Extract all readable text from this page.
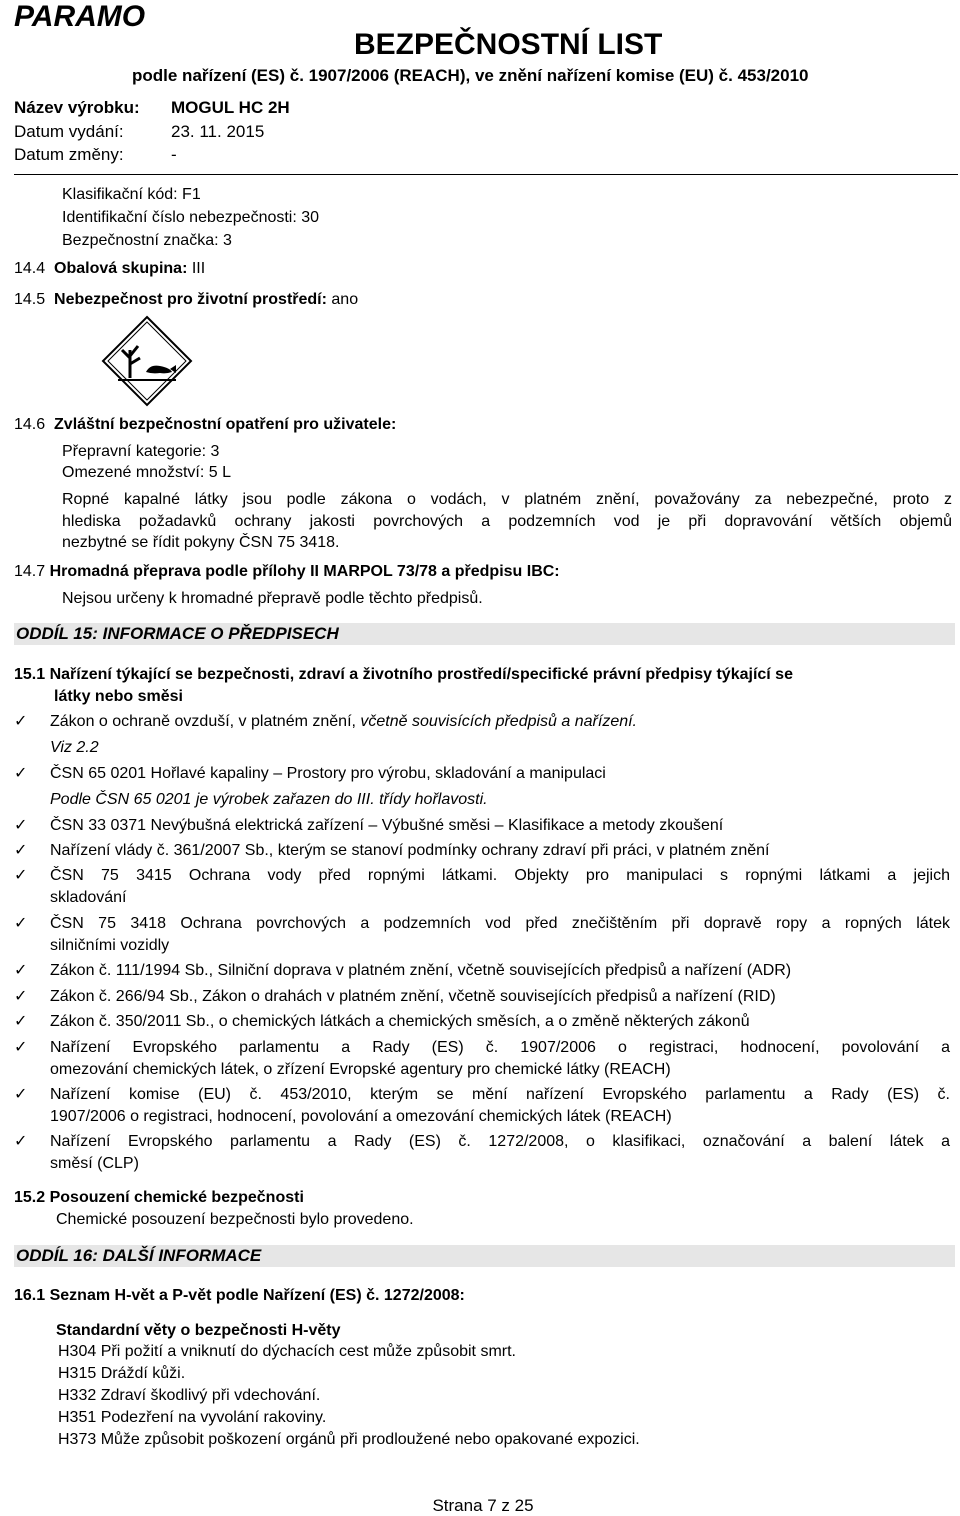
PARAMO
BEZPEČNOSTNÍ LIST
podle nařízení (ES) č. 1907/2006 (REACH), ve znění nařízení komise (EU) č. 453/2010
Název výrobku: MOGUL HC 2H
Datum vydání:	23. 11. 2015
Datum změny:	-
Klasifikační kód: F1
Identifikační číslo nebezpečnosti: 30
Bezpečnostní značka: 3
14.4 Obalová skupina: III
14.5 Nebezpečnost pro životní prostředí: ano
14.6 Zvláštní bezpečnostní opatření pro uživatele:
Přepravní kategorie: 3
Omezené množství: 5 L
Ropné kapalné látky jsou podle zákona o vodách, v platném znění, považovány za nebezpečné, proto z
hlediska požadavků ochrany jakosti povrchových a podzemních vod je při dopravování větších objemů
nezbytné se řídit pokyny ČSN 75 3418.
14.7 Hromadná přeprava podle přílohy II MARPOL 73/78 a předpisu IBC:
Nejsou určeny k hromadné přepravě podle těchto předpisů.
ODDÍL 15: INFORMACE O PŘEDPISECH
15.1 Nařízení týkající se bezpečnosti, zdraví a životního prostředí/specifické právní předpisy týkající se
látky nebo směsi
✓ Zákon o ochraně ovzduší, v platném znění, včetně souvisících předpisů a nařízení.
Viz 2.2
✓ ČSN 65 0201 Hořlavé kapaliny – Prostory pro výrobu, skladování a manipulaci
Podle ČSN 65 0201 je výrobek zařazen do III. třídy hořlavosti.
✓ ČSN 33 0371 Nevýbušná elektrická zařízení – Výbušné směsi – Klasifikace a metody zkoušení
✓ Nařízení vlády č. 361/2007 Sb., kterým se stanoví podmínky ochrany zdraví při práci, v platném znění
✓ ČSN 75 3415 Ochrana vody před ropnými látkami. Objekty pro manipulaci s ropnými látkami a jejich
skladování
✓ ČSN 75 3418 Ochrana povrchových a podzemních vod před znečištěním při dopravě ropy a ropných látek
silničními vozidly
✓ Zákon č. 111/1994 Sb., Silniční doprava v platném znění, včetně souvisejících předpisů a nařízení (ADR)
✓ Zákon č. 266/94 Sb., Zákon o drahách v platném znění, včetně souvisejících předpisů a nařízení (RID)
✓ Zákon č. 350/2011 Sb., o chemických látkách a chemických směsích, a o změně některých zákonů
✓ Nařízení Evropského parlamentu a Rady (ES) č. 1907/2006 o registraci, hodnocení, povolování a
omezování chemických látek, o zřízení Evropské agentury pro chemické látky (REACH)
✓ Nařízení komise (EU) č. 453/2010, kterým se mění nařízení Evropského parlamentu a Rady (ES) č.
1907/2006 o registraci, hodnocení, povolování a omezování chemických látek (REACH)
✓ Nařízení Evropského parlamentu a Rady (ES) č. 1272/2008, o klasifikaci, označování a balení látek a
směsí (CLP)
15.2 Posouzení chemické bezpečnosti
Chemické posouzení bezpečnosti bylo provedeno.
ODDÍL 16: DALŠÍ INFORMACE
16.1 Seznam H-vět a P-vět podle Nařízení (ES) č. 1272/2008:
Standardní věty o bezpečnosti H-věty
H304 Při požití a vniknutí do dýchacích cest může způsobit smrt.
H315 Dráždí kůži.
H332 Zdraví škodlivý při vdechování.
H351 Podezření na vyvolání rakoviny.
H373 Může způsobit poškození orgánů při prodloužené nebo opakované expozici.
Strana 7 z 25
